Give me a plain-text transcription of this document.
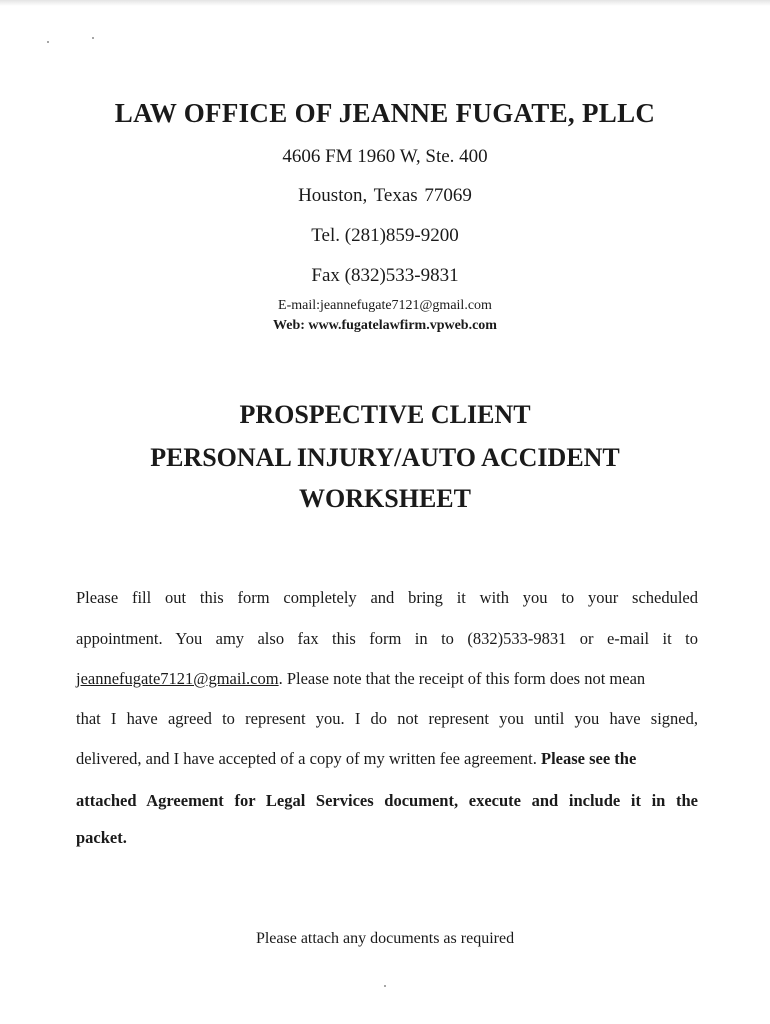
LAW OFFICE OF JEANNE FUGATE, PLLC
4606 FM 1960 W, Ste. 400
Houston, Texas 77069
Tel. (281)859-9200
Fax (832)533-9831
E-mail:jeannefugate7121@gmail.com
Web: www.fugatelawfirm.vpweb.com
PROSPECTIVE CLIENT
PERSONAL INJURY/AUTO ACCIDENT
WORKSHEET
Please fill out this form completely and bring it with you to your scheduled
appointment. You amy also fax this form in to (832)533-9831 or e-mail it to
jeannefugate7121@gmail.com. Please note that the receipt of this form does not mean
that I have agreed to represent you. I do not represent you until you have signed,
delivered, and I have accepted of a copy of my written fee agreement. Please see the
attached Agreement for Legal Services document, execute and include it in the
packet.
Please attach any documents as required
